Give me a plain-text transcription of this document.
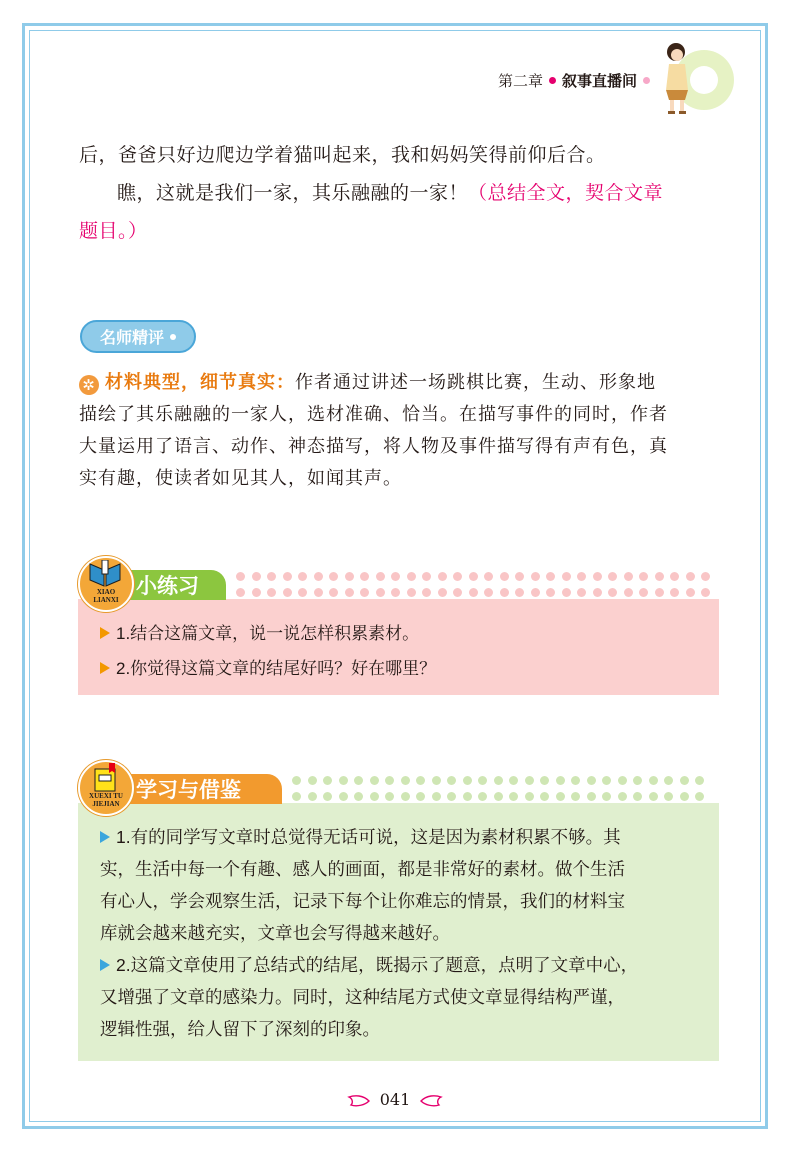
第二章 叙事直播间
后，爸爸只好边爬边学着猫叫起来，我和妈妈笑得前仰后合。
瞧，这就是我们一家，其乐融融的一家！（总结全文，契合文章
题目。）
名师精评
✲ 材料典型，细节真实：作者通过讲述一场跳棋比赛，生动、形象地
描绘了其乐融融的一家人，选材准确、恰当。在描写事件的同时，作者
大量运用了语言、动作、神态描写，将人物及事件描写得有声有色，真
实有趣，使读者如见其人，如闻其声。
1.结合这篇文章，说一说怎样积累素材。
2.你觉得这篇文章的结尾好吗？好在哪里？
小练习
XIAO
LIANXI
1.有的同学写文章时总觉得无话可说，这是因为素材积累不够。其
实，生活中每一个有趣、感人的画面，都是非常好的素材。做个生活
有心人，学会观察生活，记录下每个让你难忘的情景，我们的材料宝
库就会越来越充实，文章也会写得越来越好。
2.这篇文章使用了总结式的结尾，既揭示了题意，点明了文章中心，
又增强了文章的感染力。同时，这种结尾方式使文章显得结构严谨，
逻辑性强，给人留下了深刻的印象。
学习与借鉴
XUEXI TU
JIEJIAN
041
